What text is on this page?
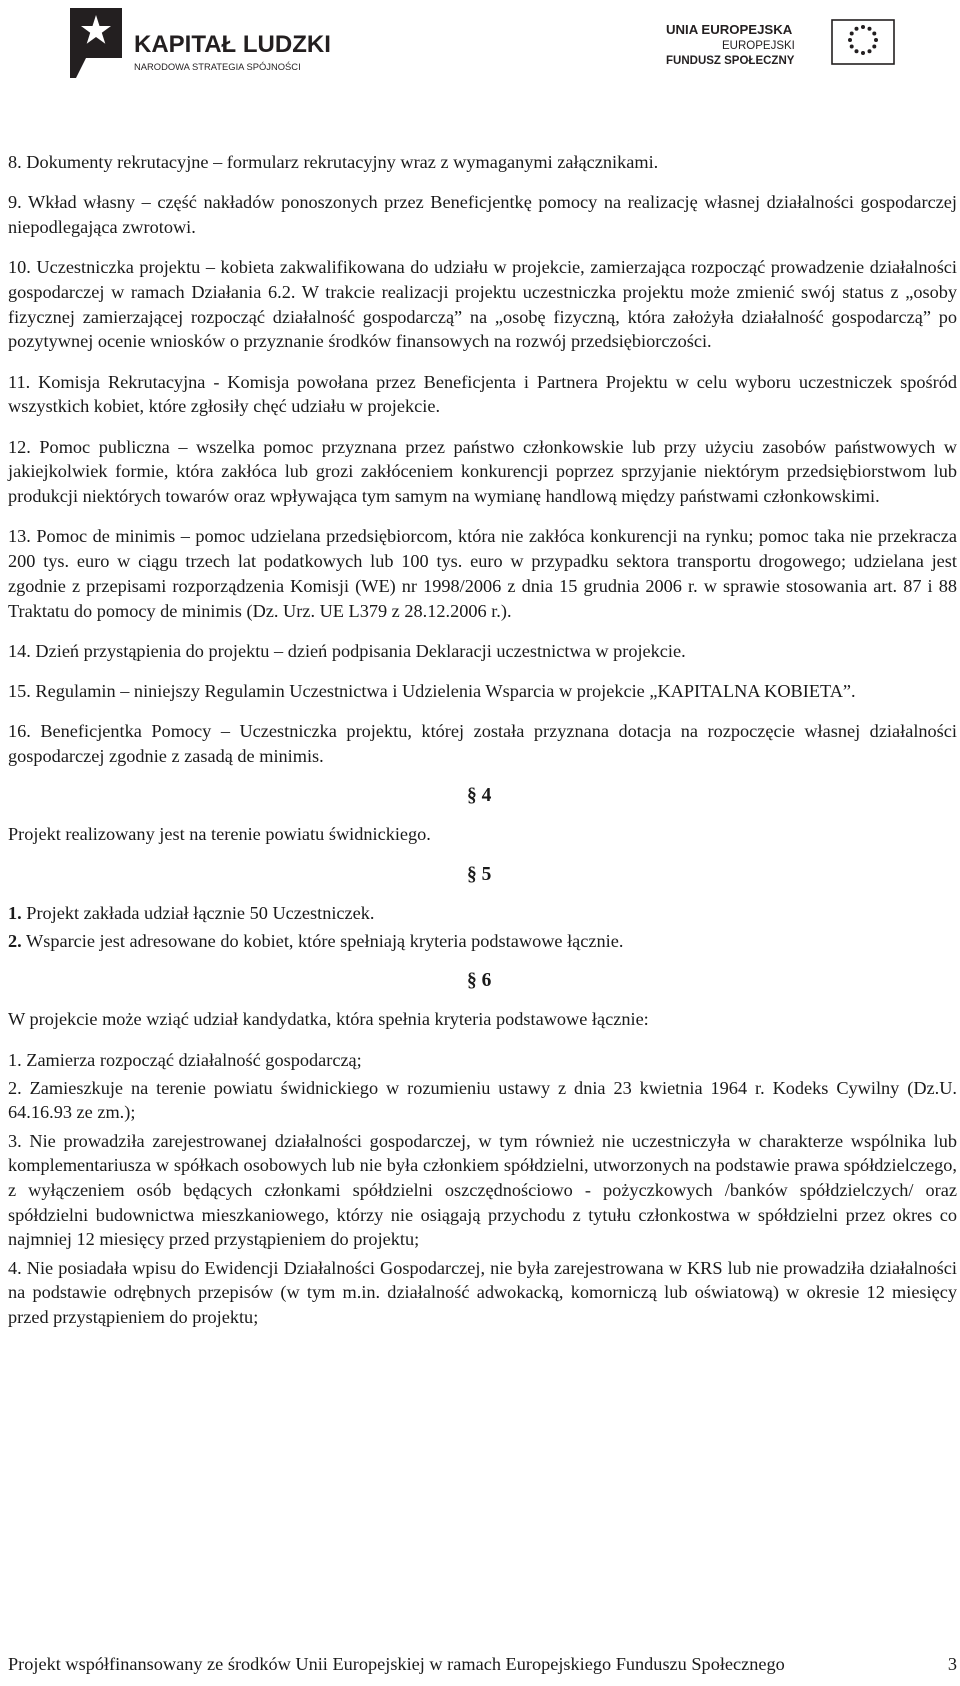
KAPITAŁ LUDZKI
NARODOWA STRATEGIA SPÓJNOŚCI
UNIA EUROPEJSKA
EUROPEJSKI
FUNDUSZ SPOŁECZNY

8. Dokumenty rekrutacyjne – formularz rekrutacyjny wraz z wymaganymi załącznikami.

9. Wkład własny – część nakładów ponoszonych przez Beneficjentkę pomocy na realizację własnej działalności gospodarczej niepodlegająca zwrotowi.

10. Uczestniczka projektu – kobieta zakwalifikowana do udziału w projekcie, zamierzająca rozpocząć prowadzenie działalności gospodarczej w ramach Działania 6.2. W trakcie realizacji projektu uczestniczka projektu może zmienić swój status z „osoby fizycznej zamierzającej rozpocząć działalność gospodarczą” na „osobę fizyczną, która założyła działalność gospodarczą” po pozytywnej ocenie wniosków o przyznanie środków finansowych na rozwój przedsiębiorczości.

11. Komisja Rekrutacyjna - Komisja powołana przez Beneficjenta i Partnera Projektu w celu wyboru uczestniczek spośród wszystkich kobiet, które zgłosiły chęć udziału w projekcie.

12. Pomoc publiczna – wszelka pomoc przyznana przez państwo członkowskie lub przy użyciu zasobów państwowych w jakiejkolwiek formie, która zakłóca lub grozi zakłóceniem konkurencji poprzez sprzyjanie niektórym przedsiębiorstwom lub produkcji niektórych towarów oraz wpływająca tym samym na wymianę handlową między państwami członkowskimi.

13. Pomoc de minimis – pomoc udzielana przedsiębiorcom, która nie zakłóca konkurencji na rynku; pomoc taka nie przekracza 200 tys. euro w ciągu trzech lat podatkowych lub 100 tys. euro w przypadku sektora transportu drogowego; udzielana jest zgodnie z przepisami rozporządzenia Komisji (WE) nr 1998/2006 z dnia 15 grudnia 2006 r. w sprawie stosowania art. 87 i 88 Traktatu do pomocy de minimis (Dz. Urz. UE L379 z 28.12.2006 r.).

14. Dzień przystąpienia do projektu – dzień podpisania Deklaracji uczestnictwa w projekcie.

15. Regulamin – niniejszy Regulamin Uczestnictwa i Udzielenia Wsparcia w projekcie „KAPITALNA KOBIETA”.

16. Beneficjentka Pomocy – Uczestniczka projektu, której została przyznana dotacja na rozpoczęcie własnej działalności gospodarczej zgodnie z zasadą de minimis.

§ 4

Projekt realizowany jest na terenie powiatu świdnickiego.

§ 5

1. Projekt zakłada udział łącznie 50 Uczestniczek.

2. Wsparcie jest adresowane do kobiet, które spełniają kryteria podstawowe łącznie.

§ 6

W projekcie może wziąć udział kandydatka, która spełnia kryteria podstawowe łącznie:

1. Zamierza rozpocząć działalność gospodarczą;

2. Zamieszkuje na terenie powiatu świdnickiego w rozumieniu ustawy z dnia 23 kwietnia 1964 r. Kodeks Cywilny (Dz.U. 64.16.93 ze zm.);

3. Nie prowadziła zarejestrowanej działalności gospodarczej, w tym również nie uczestniczyła w charakterze wspólnika lub komplementariusza w spółkach osobowych lub nie była członkiem spółdzielni, utworzonych na podstawie prawa spółdzielczego, z wyłączeniem osób będących członkami spółdzielni oszczędnościowo - pożyczkowych /banków spółdzielczych/ oraz spółdzielni budownictwa mieszkaniowego, którzy nie osiągają przychodu z tytułu członkostwa w spółdzielni przez okres co najmniej 12 miesięcy przed przystąpieniem do projektu;

4. Nie posiadała wpisu do Ewidencji Działalności Gospodarczej, nie była zarejestrowana w KRS lub nie prowadziła działalności na podstawie odrębnych przepisów (w tym m.in. działalność adwokacką, komorniczą lub oświatową) w okresie 12 miesięcy przed przystąpieniem do projektu;

Projekt współfinansowany ze środków Unii Europejskiej w ramach Europejskiego Funduszu Społecznego	3
